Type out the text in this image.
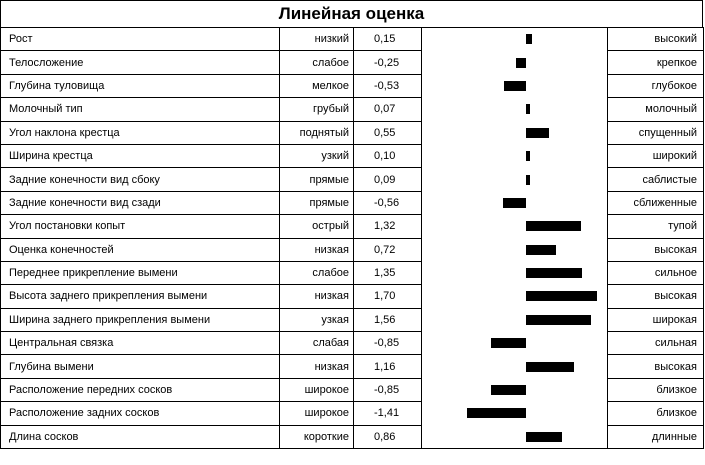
Линейная оценка
Рост	низкий	0,15		высокий
Телосложение	слабое	-0,25		крепкое
Глубина туловища	мелкое	-0,53		глубокое
Молочный тип	грубый	0,07		молочный
Угол наклона крестца	поднятый	0,55		спущенный
Ширина крестца	узкий	0,10		широкий
Задние конечности вид сбоку	прямые	0,09		саблистые
Задние конечности вид сзади	прямые	-0,56		сближенные
Угол постановки копыт	острый	1,32		тупой
Оценка конечностей	низкая	0,72		высокая
Переднее прикрепление вымени	слабое	1,35		сильное
Высота заднего прикрепления вымени	низкая	1,70		высокая
Ширина заднего прикрепления вымени	узкая	1,56		широкая
Центральная связка	слабая	-0,85		сильная
Глубина вымени	низкая	1,16		высокая
Расположение передних сосков	широкое	-0,85		близкое
Расположение задних сосков	широкое	-1,41		близкое
Длина сосков	короткие	0,86		длинные
